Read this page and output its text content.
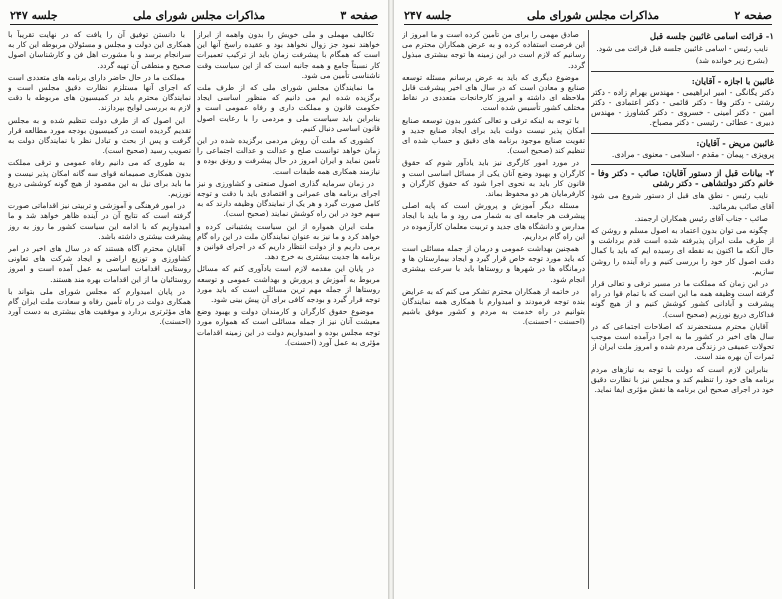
صفحه ۳
مذاکرات مجلس شورای ملی
جلسه ۲۴۷

تکالیف مهملی و ملی خویش را بدون واهمه از ابراز خواهند نمود جز زوال نخواهد بود و عقیده راسخ آنها این است که همگام با پیشرفت زمان باید از ترکیب تعمیرات کار نسبتاً جامع و همه جانبه است که از این سیاست وقت ناشناسی تأمین می شود.

ما نمایندگان مجلس شورای ملی که از طرف ملت برگزیده شده ایم می دانیم که منظور اساسی ایجاد حکومت قانون و مملکت داری و رفاه عمومی است و بنابراین باید سیاست ملی و مردمی را با رعایت اصول قانون اساسی دنبال کنیم.

کشوری که ملت آن روش مردمی برگزیده شده در این زمان خواهد توانست صلح و عدالت و عدالت اجتماعی را تأمین نماید و ایران امروز در حال پیشرفت و رونق بوده و نیازمند همکاری همه طبقات است.

در زمان سرمایه گذاری اصول صنعتی و کشاورزی و نیز اجرای برنامه های عمرانی و اقتصادی باید با دقت و توجه کامل صورت گیرد و هر یک از نمایندگان وظیفه دارند که به سهم خود در این راه کوشش نمایند (صحیح است).

ملت ایران همواره از این سیاست پشتیبانی کرده و خواهد کرد و ما نیز به عنوان نمایندگان ملت در این راه گام برمی داریم و از دولت انتظار داریم که در اجرای قوانین و برنامه ها جدیت بیشتری به خرج دهد.

در پایان این مقدمه لازم است یادآوری کنم که مسائل مربوط به آموزش و پرورش و بهداشت عمومی و توسعه روستاها از جمله مهم ترین مسائلی است که باید مورد توجه قرار گیرد و بودجه کافی برای آن پیش بینی شود.

موضوع حقوق کارگران و کارمندان دولت و بهبود وضع معیشت آنان نیز از جمله مسائلی است که همواره مورد توجه مجلس بوده و امیدواریم دولت در این زمینه اقدامات مؤثری به عمل آورد (احسنت).

با دانستن توفیق آن را یافت که در نهایت تقریباً با همکاری این دولت و مجلس و مسئولان مربوطه این کار به سرانجام برسد و با مشورت اهل فن و کارشناسان اصول صحیح و منطقی آن تهیه گردد.

مملکت ما در حال حاضر دارای برنامه های متعددی است که اجرای آنها مستلزم نظارت دقیق مجلس است و نمایندگان محترم باید در کمیسیون های مربوطه با دقت لازم به بررسی لوایح بپردازند.

این اصول که از طرف دولت تنظیم شده و به مجلس تقدیم گردیده است در کمیسیون بودجه مورد مطالعه قرار گرفت و پس از بحث و تبادل نظر با نمایندگان دولت به تصویب رسید (صحیح است).

به طوری که می دانیم رفاه عمومی و ترقی مملکت بدون همکاری صمیمانه قوای سه گانه امکان پذیر نیست و ما باید برای نیل به این مقصود از هیچ گونه کوششی دریغ نورزیم.

در امور فرهنگی و آموزشی و تربیتی نیز اقداماتی صورت گرفته است که نتایج آن در آینده ظاهر خواهد شد و ما امیدواریم که با ادامه این سیاست کشور ما روز به روز پیشرفت بیشتری داشته باشد.

آقایان محترم آگاه هستند که در سال های اخیر در امر کشاورزی و توزیع اراضی و ایجاد شرکت های تعاونی روستایی اقدامات اساسی به عمل آمده است و امروز روستائیان ما از این اقدامات بهره مند هستند.

در پایان امیدوارم که مجلس شورای ملی بتواند با همکاری دولت در راه تأمین رفاه و سعادت ملت ایران گام های مؤثرتری بردارد و موفقیت های بیشتری به دست آورد (احسنت).

صفحه ۲
مذاکرات مجلس شورای ملی
جلسه ۲۴۷
۱- قرائت اسامی غائبین جلسه قبل

نایب رئیس - اسامی غائبین جلسه قبل قرائت می شود.

(بشرح زیر خوانده شد)

غائبین با اجازه - آقایان:

دکتر یگانگی - امیر ابراهیمی - مهندس بهرام زاده - دکتر رشتی - دکتر وفا - دکتر قائمی - دکتر اعتمادی - دکتر امین - دکتر امینی - خسروی - دکتر کشاورز - مهندس دبیری - عطائی - رئیسی - دکتر مصباح.

غائبین مریض - آقایان:

پرویزی - پیمان - مقدم - اسلامی - معنوی - مرادی.

۲- بیانات قبل از دستور آقایان: صائب - دکتر وفا - خانم دکتر دولتشاهی - دکتر رشتی

نایب رئیس - نطق های قبل از دستور شروع می شود آقای صائب بفرمائید.

صائب - جناب آقای رئیس همکاران ارجمند.

چگونه می توان بدون اعتماد به اصول مسلم و روشن که از طرف ملت ایران پذیرفته شده است قدم برداشت و حال آنکه ما اکنون به نقطه ای رسیده ایم که باید با کمال دقت اصول کار خود را بررسی کنیم و راه آینده را روشن سازیم.

در این زمان که مملکت ما در مسیر ترقی و تعالی قرار گرفته است وظیفه همه ما این است که با تمام قوا در راه پیشرفت و آبادانی کشور کوشش کنیم و از هیچ گونه فداکاری دریغ نورزیم (صحیح است).

آقایان محترم مستحضرند که اصلاحات اجتماعی که در سال های اخیر در کشور ما به اجرا درآمده است موجب تحولات عمیقی در زندگی مردم شده و امروز ملت ایران از ثمرات آن بهره مند است.

بنابراین لازم است که دولت با توجه به نیازهای مردم برنامه های خود را تنظیم کند و مجلس نیز با نظارت دقیق خود در اجرای صحیح این برنامه ها نقش مؤثری ایفا نماید.

صادق مهمی را برای من تأمین کرده است و ما امروز از این فرصت استفاده کرده و به عرض همکاران محترم می رسانیم که لازم است در این زمینه ها توجه بیشتری مبذول گردد.

موضوع دیگری که باید به عرض برسانم مسئله توسعه صنایع و معادن است که در سال های اخیر پیشرفت قابل ملاحظه ای داشته و امروز کارخانجات متعددی در نقاط مختلف کشور تأسیس شده است.

با توجه به اینکه ترقی و تعالی کشور بدون توسعه صنایع امکان پذیر نیست دولت باید برای ایجاد صنایع جدید و تقویت صنایع موجود برنامه های دقیق و حساب شده ای تنظیم کند (صحیح است).

در مورد امور کارگری نیز باید یادآور شوم که حقوق کارگران و بهبود وضع آنان یکی از مسائل اساسی است و قانون کار باید به نحوی اجرا شود که حقوق کارگران و کارفرمایان هر دو محفوظ بماند.

مسئله دیگر آموزش و پرورش است که پایه اصلی پیشرفت هر جامعه ای به شمار می رود و ما باید با ایجاد مدارس و دانشگاه های جدید و تربیت معلمان کارآزموده در این راه گام برداریم.

همچنین بهداشت عمومی و درمان از جمله مسائلی است که باید مورد توجه خاص قرار گیرد و ایجاد بیمارستان ها و درمانگاه ها در شهرها و روستاها باید با سرعت بیشتری انجام شود.

در خاتمه از همکاران محترم تشکر می کنم که به عرایض بنده توجه فرمودند و امیدوارم با همکاری همه نمایندگان بتوانیم در راه خدمت به مردم و کشور موفق باشیم (احسنت - احسنت).
